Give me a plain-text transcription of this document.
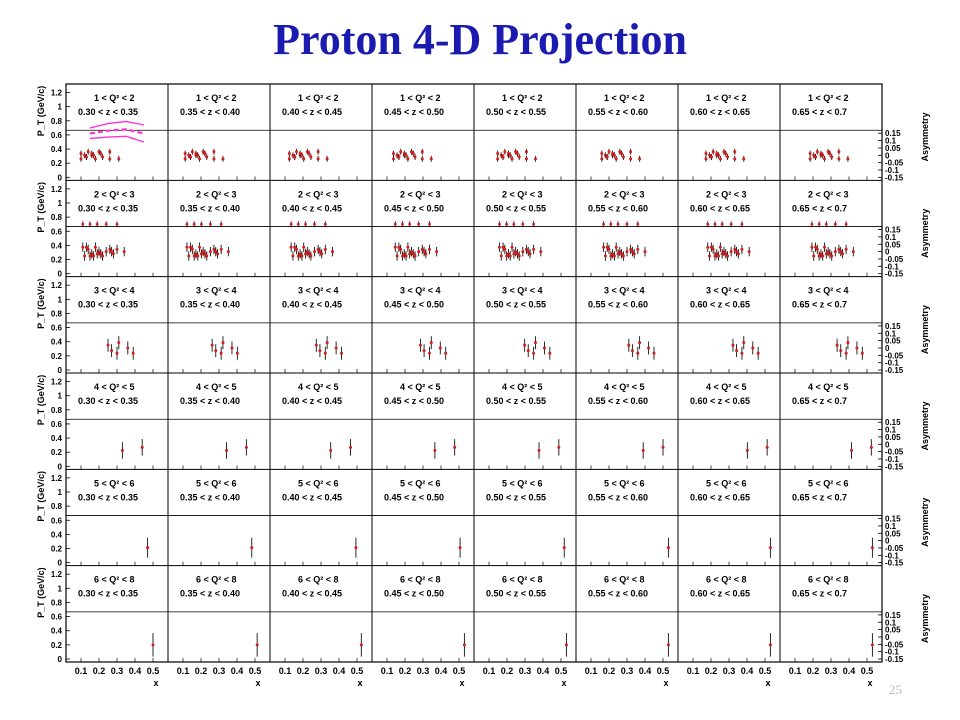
Proton 4-D Projection
P_T (GeV/c)
0
0.2
0.4
0.6
0.8
1
1.2
0.15
0.1
0.05
0
-0.05
-0.1
-0.15
Asymmetry
1 < Q² < 2
0.30 < z < 0.35
1 < Q² < 2
0.35 < z < 0.40
1 < Q² < 2
0.40 < z < 0.45
1 < Q² < 2
0.45 < z < 0.50
1 < Q² < 2
0.50 < z < 0.55
1 < Q² < 2
0.55 < z < 0.60
1 < Q² < 2
0.60 < z < 0.65
1 < Q² < 2
0.65 < z < 0.7
P_T (GeV/c)
0
0.2
0.4
0.6
0.8
1
1.2
0.15
0.1
0.05
0
-0.05
-0.1
-0.15
Asymmetry
2 < Q² < 3
0.30 < z < 0.35
2 < Q² < 3
0.35 < z < 0.40
2 < Q² < 3
0.40 < z < 0.45
2 < Q² < 3
0.45 < z < 0.50
2 < Q² < 3
0.50 < z < 0.55
2 < Q² < 3
0.55 < z < 0.60
2 < Q² < 3
0.60 < z < 0.65
2 < Q² < 3
0.65 < z < 0.7
P_T (GeV/c)
0
0.2
0.4
0.6
0.8
1
1.2
0.15
0.1
0.05
0
-0.05
-0.1
-0.15
Asymmetry
3 < Q² < 4
0.30 < z < 0.35
3 < Q² < 4
0.35 < z < 0.40
3 < Q² < 4
0.40 < z < 0.45
3 < Q² < 4
0.45 < z < 0.50
3 < Q² < 4
0.50 < z < 0.55
3 < Q² < 4
0.55 < z < 0.60
3 < Q² < 4
0.60 < z < 0.65
3 < Q² < 4
0.65 < z < 0.7
P_T (GeV/c)
0
0.2
0.4
0.6
0.8
1
1.2
0.15
0.1
0.05
0
-0.05
-0.1
-0.15
Asymmetry
4 < Q² < 5
0.30 < z < 0.35
4 < Q² < 5
0.35 < z < 0.40
4 < Q² < 5
0.40 < z < 0.45
4 < Q² < 5
0.45 < z < 0.50
4 < Q² < 5
0.50 < z < 0.55
4 < Q² < 5
0.55 < z < 0.60
4 < Q² < 5
0.60 < z < 0.65
4 < Q² < 5
0.65 < z < 0.7
P_T (GeV/c)
0
0.2
0.4
0.6
0.8
1
1.2
0.15
0.1
0.05
0
-0.05
-0.1
-0.15
Asymmetry
5 < Q² < 6
0.30 < z < 0.35
5 < Q² < 6
0.35 < z < 0.40
5 < Q² < 6
0.40 < z < 0.45
5 < Q² < 6
0.45 < z < 0.50
5 < Q² < 6
0.50 < z < 0.55
5 < Q² < 6
0.55 < z < 0.60
5 < Q² < 6
0.60 < z < 0.65
5 < Q² < 6
0.65 < z < 0.7
P_T (GeV/c)
0
0.2
0.4
0.6
0.8
1
1.2
0.15
0.1
0.05
0
-0.05
-0.1
-0.15
Asymmetry
6 < Q² < 8
0.30 < z < 0.35
0.1 0.2 0.3 0.4 0.5
x
6 < Q² < 8
0.35 < z < 0.40
0.1 0.2 0.3 0.4 0.5
x
6 < Q² < 8
0.40 < z < 0.45
0.1 0.2 0.3 0.4 0.5
x
6 < Q² < 8
0.45 < z < 0.50
0.1 0.2 0.3 0.4 0.5
x
6 < Q² < 8
0.50 < z < 0.55
0.1 0.2 0.3 0.4 0.5
x
6 < Q² < 8
0.55 < z < 0.60
0.1 0.2 0.3 0.4 0.5
x
6 < Q² < 8
0.60 < z < 0.65
0.1 0.2 0.3 0.4 0.5
x
6 < Q² < 8
0.65 < z < 0.7
0.1 0.2 0.3 0.4 0.5
x 25
